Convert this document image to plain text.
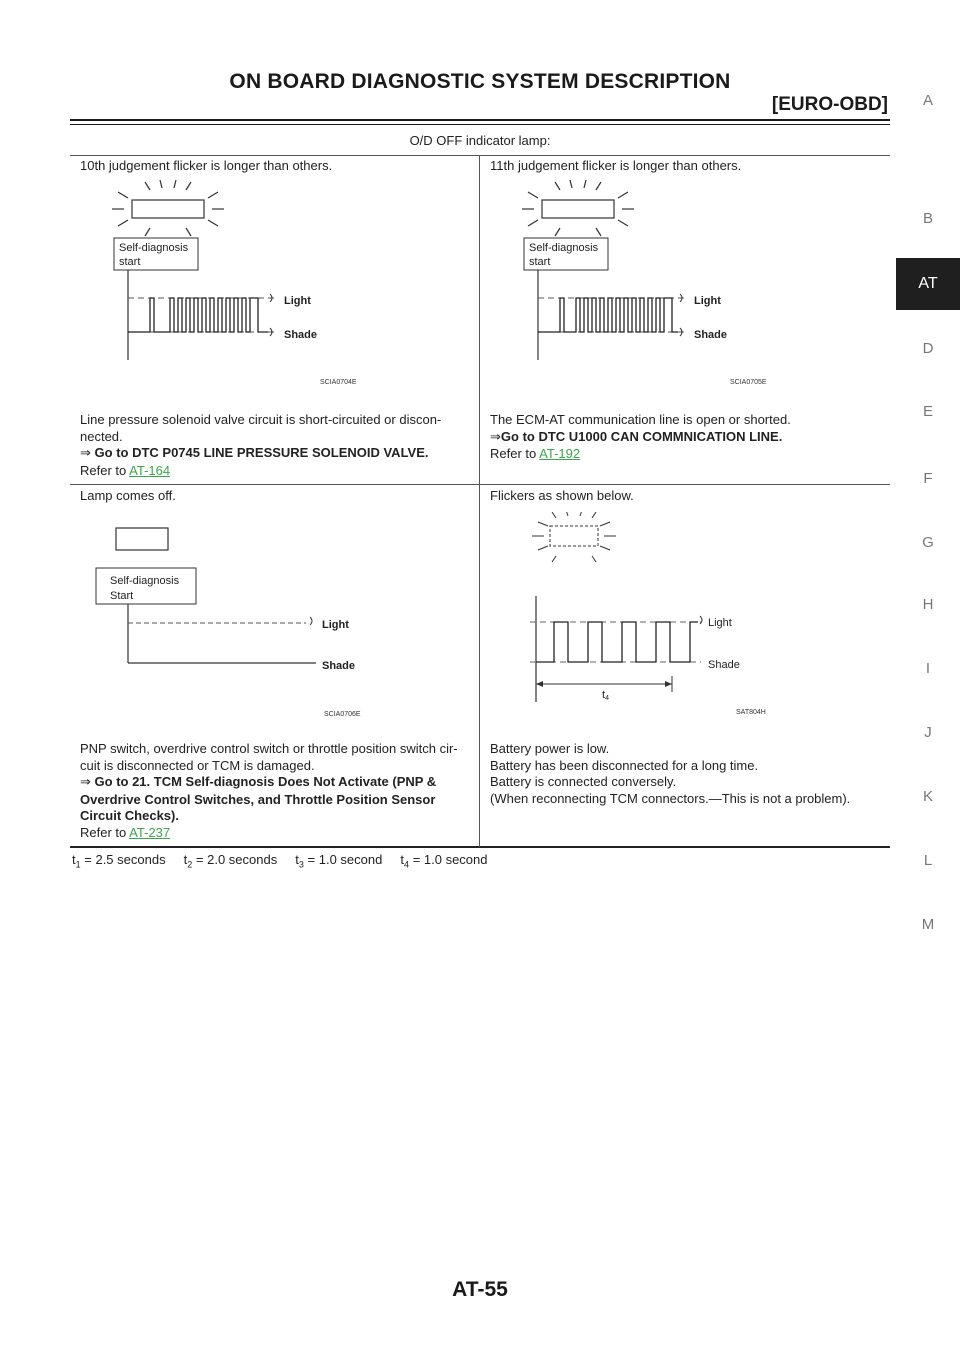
ON BOARD DIAGNOSTIC SYSTEM DESCRIPTION
[EURO-OBD]	A
B
AT
D
E
F
G
H
I
J
K
L
M
O/D OFF indicator lamp:
10th judgement flicker is longer than others.
Self-diagnosis
start
Light
Shade
SCIA0704E
Line pressure solenoid valve circuit is short-circuited or discon-
nected.
⇒ Go to DTC P0745 LINE PRESSURE SOLENOID VALVE.
Refer to AT-164
11th judgement flicker is longer than others.
Self-diagnosis
start
Light
Shade
SCIA0705E
The ECM-AT communication line is open or shorted.
⇒Go to DTC U1000 CAN COMMNICATION LINE.
Refer to AT-192
Lamp comes off.
Self-diagnosis
Start
Light
Shade
SCIA0706E
PNP switch, overdrive control switch or throttle position switch cir-
cuit is disconnected or TCM is damaged.
⇒ Go to 21. TCM Self-diagnosis Does Not Activate (PNP &
Overdrive Control Switches, and Throttle Position Sensor
Circuit Checks).
Refer to AT-237
Flickers as shown below.
Light
Shade
t4
SAT804H
Battery power is low.
Battery has been disconnected for a long time.
Battery is connected conversely.
(When reconnecting TCM connectors.—This is not a problem).
$t_1 = 2.5$ seconds $t_2 = 2.0$ seconds $t_3 = 1.0$ second $t_4 = 1.0$ second
AT-55
